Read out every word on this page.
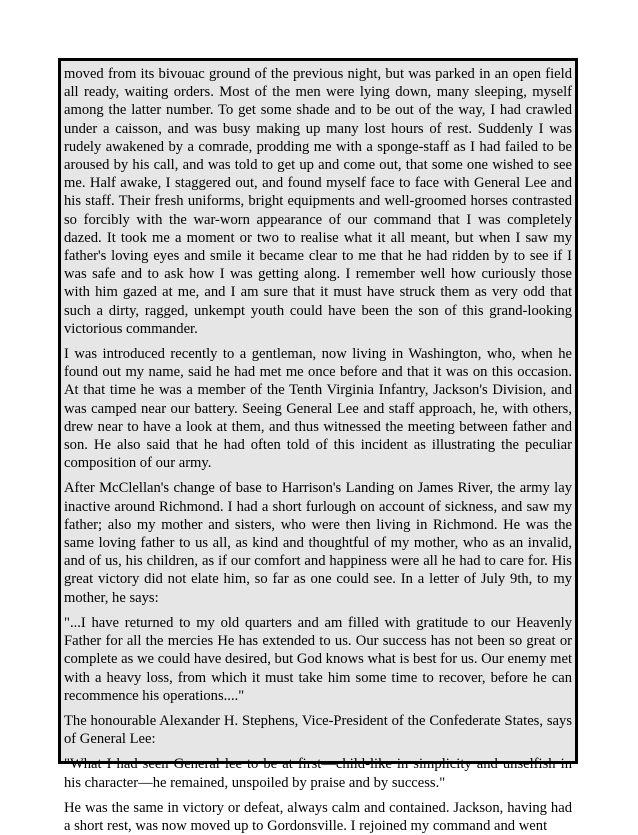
moved from its bivouac ground of the previous night, but was parked in an open field all ready, waiting orders. Most of the men were lying down, many sleeping, myself among the latter number. To get some shade and to be out of the way, I had crawled under a caisson, and was busy making up many lost hours of rest. Suddenly I was rudely awakened by a comrade, prodding me with a sponge-staff as I had failed to be aroused by his call, and was told to get up and come out, that some one wished to see me. Half awake, I staggered out, and found myself face to face with General Lee and his staff. Their fresh uniforms, bright equipments and well-groomed horses contrasted so forcibly with the war-worn appearance of our command that I was completely dazed. It took me a moment or two to realise what it all meant, but when I saw my father's loving eyes and smile it became clear to me that he had ridden by to see if I was safe and to ask how I was getting along. I remember well how curiously those with him gazed at me, and I am sure that it must have struck them as very odd that such a dirty, ragged, unkempt youth could have been the son of this grand-looking victorious commander.

I was introduced recently to a gentleman, now living in Washington, who, when he found out my name, said he had met me once before and that it was on this occasion. At that time he was a member of the Tenth Virginia Infantry, Jackson's Division, and was camped near our battery. Seeing General Lee and staff approach, he, with others, drew near to have a look at them, and thus witnessed the meeting between father and son. He also said that he had often told of this incident as illustrating the peculiar composition of our army.

After McClellan's change of base to Harrison's Landing on James River, the army lay inactive around Richmond. I had a short furlough on account of sickness, and saw my father; also my mother and sisters, who were then living in Richmond. He was the same loving father to us all, as kind and thoughtful of my mother, who as an invalid, and of us, his children, as if our comfort and happiness were all he had to care for. His great victory did not elate him, so far as one could see. In a letter of July 9th, to my mother, he says:

"...I have returned to my old quarters and am filled with gratitude to our Heavenly Father for all the mercies He has extended to us. Our success has not been so great or complete as we could have desired, but God knows what is best for us. Our enemy met with a heavy loss, from which it must take him some time to recover, before he can recommence his operations...."

The honourable Alexander H. Stephens, Vice-President of the Confederate States, says of General Lee:

"What I had seen General lee to be at first—child-like in simplicity and unselfish in his character—he remained, unspoiled by praise and by success."

He was the same in victory or defeat, always calm and contained. Jackson, having had a short rest, was now moved up to Gordonsville. I rejoined my command and went
